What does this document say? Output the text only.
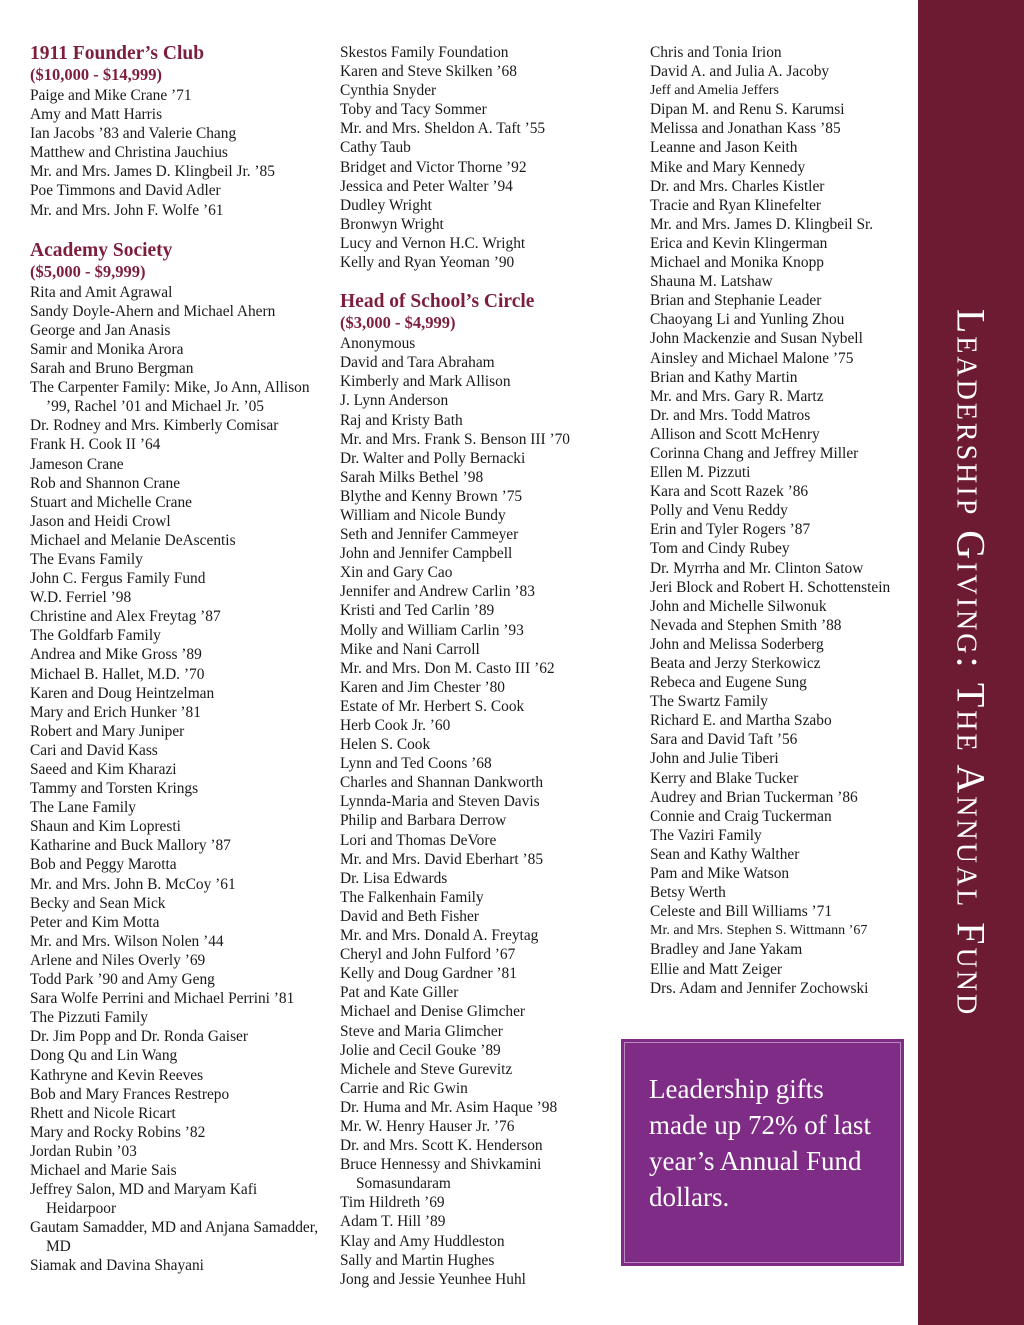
1911 Founder’s Club
($10,000 - $14,999)
Paige and Mike Crane ’71
Amy and Matt Harris
Ian Jacobs ’83 and Valerie Chang
Matthew and Christina Jauchius
Mr. and Mrs. James D. Klingbeil Jr. ’85
Poe Timmons and David Adler
Mr. and Mrs. John F. Wolfe ’61
Academy Society
($5,000 - $9,999)
Rita and Amit Agrawal
Sandy Doyle-Ahern and Michael Ahern
George and Jan Anasis
Samir and Monika Arora
Sarah and Bruno Bergman
The Carpenter Family: Mike, Jo Ann, Allison ’99, Rachel ’01 and Michael Jr. ’05
Dr. Rodney and Mrs. Kimberly Comisar
Frank H. Cook II ’64
Jameson Crane
Rob and Shannon Crane
Stuart and Michelle Crane
Jason and Heidi Crowl
Michael and Melanie DeAscentis
The Evans Family
John C. Fergus Family Fund
W.D. Ferriel ’98
Christine and Alex Freytag ’87
The Goldfarb Family
Andrea and Mike Gross ’89
Michael B. Hallet, M.D. ’70
Karen and Doug Heintzelman
Mary and Erich Hunker ’81
Robert and Mary Juniper
Cari and David Kass
Saeed and Kim Kharazi
Tammy and Torsten Krings
The Lane Family
Shaun and Kim Lopresti
Katharine and Buck Mallory ’87
Bob and Peggy Marotta
Mr. and Mrs. John B. McCoy ’61
Becky and Sean Mick
Peter and Kim Motta
Mr. and Mrs. Wilson Nolen ’44
Arlene and Niles Overly ’69
Todd Park ’90 and Amy Geng
Sara Wolfe Perrini and Michael Perrini ’81
The Pizzuti Family
Dr. Jim Popp and Dr. Ronda Gaiser
Dong Qu and Lin Wang
Kathryne and Kevin Reeves
Bob and Mary Frances Restrepo
Rhett and Nicole Ricart
Mary and Rocky Robins ’82
Jordan Rubin ’03
Michael and Marie Sais
Jeffrey Salon, MD and Maryam Kafi Heidarpoor
Gautam Samadder, MD and Anjana Samadder, MD
Siamak and Davina Shayani
Skestos Family Foundation
Karen and Steve Skilken ’68
Cynthia Snyder
Toby and Tacy Sommer
Mr. and Mrs. Sheldon A. Taft ’55
Cathy Taub
Bridget and Victor Thorne ’92
Jessica and Peter Walter ’94
Dudley Wright
Bronwyn Wright
Lucy and Vernon H.C. Wright
Kelly and Ryan Yeoman ’90
Head of School’s Circle
($3,000 - $4,999)
Anonymous
David and Tara Abraham
Kimberly and Mark Allison
J. Lynn Anderson
Raj and Kristy Bath
Mr. and Mrs. Frank S. Benson III ’70
Dr. Walter and Polly Bernacki
Sarah Milks Bethel ’98
Blythe and Kenny Brown ’75
William and Nicole Bundy
Seth and Jennifer Cammeyer
John and Jennifer Campbell
Xin and Gary Cao
Jennifer and Andrew Carlin ’83
Kristi and Ted Carlin ’89
Molly and William Carlin ’93
Mike and Nani Carroll
Mr. and Mrs. Don M. Casto III ’62
Karen and Jim Chester ’80
Estate of Mr. Herbert S. Cook
Herb Cook Jr. ’60
Helen S. Cook
Lynn and Ted Coons ’68
Charles and Shannan Dankworth
Lynnda-Maria and Steven Davis
Philip and Barbara Derrow
Lori and Thomas DeVore
Mr. and Mrs. David Eberhart ’85
Dr. Lisa Edwards
The Falkenhain Family
David and Beth Fisher
Mr. and Mrs. Donald A. Freytag
Cheryl and John Fulford ’67
Kelly and Doug Gardner ’81
Pat and Kate Giller
Michael and Denise Glimcher
Steve and Maria Glimcher
Jolie and Cecil Gouke ’89
Michele and Steve Gurevitz
Carrie and Ric Gwin
Dr. Huma and Mr. Asim Haque ’98
Mr. W. Henry Hauser Jr. ’76
Dr. and Mrs. Scott K. Henderson
Bruce Hennessy and Shivkamini Somasundaram
Tim Hildreth ’69
Adam T. Hill ’89
Klay and Amy Huddleston
Sally and Martin Hughes
Jong and Jessie Yeunhee Huhl
Chris and Tonia Irion
David A. and Julia A. Jacoby
Jeff and Amelia Jeffers
Dipan M. and Renu S. Karumsi
Melissa and Jonathan Kass ’85
Leanne and Jason Keith
Mike and Mary Kennedy
Dr. and Mrs. Charles Kistler
Tracie and Ryan Klinefelter
Mr. and Mrs. James D. Klingbeil Sr.
Erica and Kevin Klingerman
Michael and Monika Knopp
Shauna M. Latshaw
Brian and Stephanie Leader
Chaoyang Li and Yunling Zhou
John Mackenzie and Susan Nybell
Ainsley and Michael Malone ’75
Brian and Kathy Martin
Mr. and Mrs. Gary R. Martz
Dr. and Mrs. Todd Matros
Allison and Scott McHenry
Corinna Chang and Jeffrey Miller
Ellen M. Pizzuti
Kara and Scott Razek ’86
Polly and Venu Reddy
Erin and Tyler Rogers ’87
Tom and Cindy Rubey
Dr. Myrrha and Mr. Clinton Satow
Jeri Block and Robert H. Schottenstein
John and Michelle Silwonuk
Nevada and Stephen Smith ’88
John and Melissa Soderberg
Beata and Jerzy Sterkowicz
Rebeca and Eugene Sung
The Swartz Family
Richard E. and Martha Szabo
Sara and David Taft ’56
John and Julie Tiberi
Kerry and Blake Tucker
Audrey and Brian Tuckerman ’86
Connie and Craig Tuckerman
The Vaziri Family
Sean and Kathy Walther
Pam and Mike Watson
Betsy Werth
Celeste and Bill Williams ’71
Mr. and Mrs. Stephen S. Wittmann ’67
Bradley and Jane Yakam
Ellie and Matt Zeiger
Drs. Adam and Jennifer Zochowski
Leadership gifts made up 72% of last year’s Annual Fund dollars.
Leadership Giving: The Annual Fund
